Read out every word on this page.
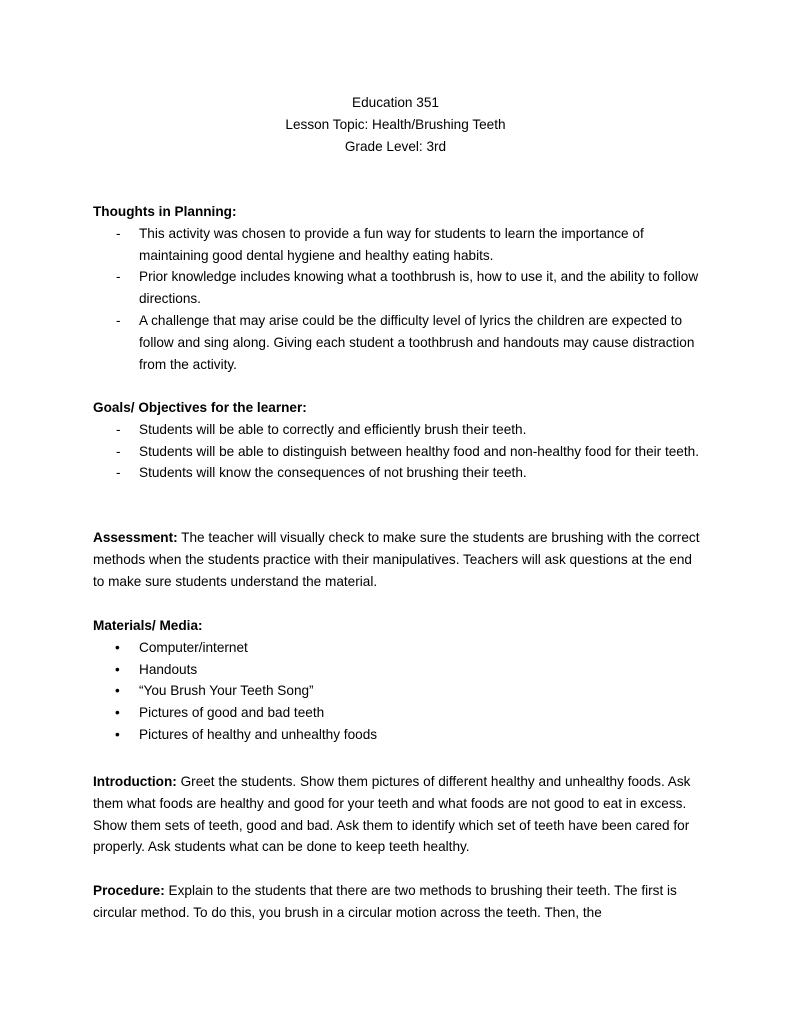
Education 351
Lesson Topic: Health/Brushing Teeth
Grade Level: 3rd
Thoughts in Planning:
- This activity was chosen to provide a fun way for students to learn the importance of maintaining good dental hygiene and healthy eating habits.
- Prior knowledge includes knowing what a toothbrush is, how to use it, and the ability to follow directions.
- A challenge that may arise could be the difficulty level of lyrics the children are expected to follow and sing along. Giving each student a toothbrush and handouts may cause distraction from the activity.
Goals/ Objectives for the learner:
- Students will be able to correctly and efficiently brush their teeth.
- Students will be able to distinguish between healthy food and non-healthy food for their teeth.
- Students will know the consequences of not brushing their teeth.
Assessment: The teacher will visually check to make sure the students are brushing with the correct methods when the students practice with their manipulatives. Teachers will ask questions at the end to make sure students understand the material.
Materials/ Media:
• Computer/internet
• Handouts
• “You Brush Your Teeth Song”
• Pictures of good and bad teeth
• Pictures of healthy and unhealthy foods
Introduction: Greet the students. Show them pictures of different healthy and unhealthy foods. Ask them what foods are healthy and good for your teeth and what foods are not good to eat in excess. Show them sets of teeth, good and bad. Ask them to identify which set of teeth have been cared for properly. Ask students what can be done to keep teeth healthy.
Procedure: Explain to the students that there are two methods to brushing their teeth. The first is circular method. To do this, you brush in a circular motion across the teeth. Then, the
